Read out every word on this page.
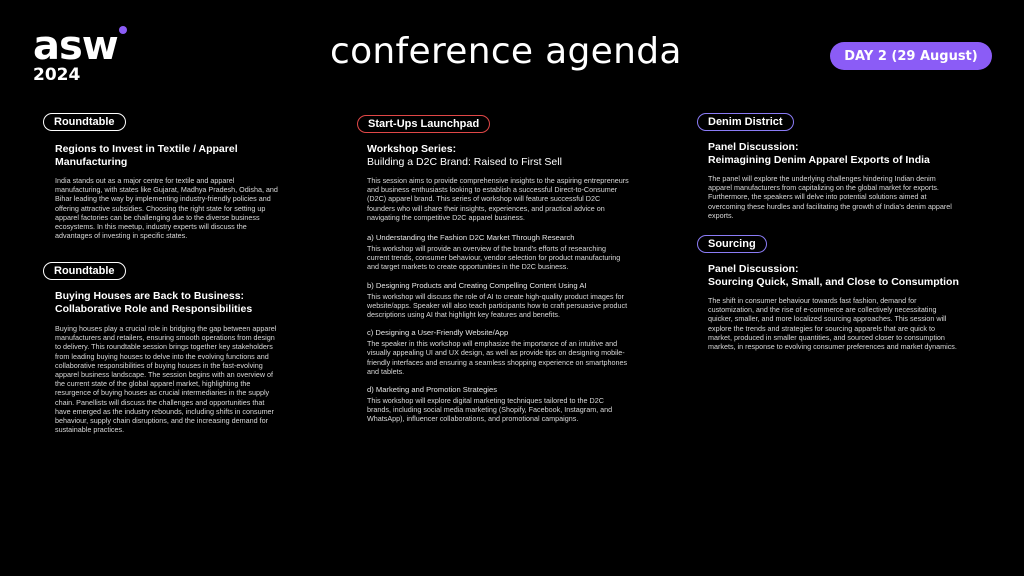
asw
2024
conference agenda	DAY 2 (29 August)
Roundtable

Regions to Invest in Textile / Apparel Manufacturing

India stands out as a major centre for textile and apparel manufacturing, with states like Gujarat, Madhya Pradesh, Odisha, and Bihar leading the way by implementing industry-friendly policies and offering attractive subsidies. Choosing the right state for setting up apparel factories can be challenging due to the diverse business ecosystems. In this meetup, industry experts will discuss the advantages of investing in specific states.

Roundtable

Buying Houses are Back to Business: Collaborative Role and Responsibilities

Buying houses play a crucial role in bridging the gap between apparel manufacturers and retailers, ensuring smooth operations from design to delivery. This roundtable session brings together key stakeholders from leading buying houses to delve into the evolving functions and collaborative responsibilities of buying houses in the fast-evolving apparel business landscape. The session begins with an overview of the current state of the global apparel market, highlighting the resurgence of buying houses as crucial intermediaries in the supply chain. Panellists will discuss the challenges and opportunities that have emerged as the industry rebounds, including shifts in consumer behaviour, supply chain disruptions, and the increasing demand for sustainable practices.

Start-Ups Launchpad

Workshop Series:

Building a D2C Brand: Raised to First Sell

This session aims to provide comprehensive insights to the aspiring entrepreneurs and business enthusiasts looking to establish a successful Direct-to-Consumer (D2C) apparel brand. This series of workshop will feature successful D2C founders who will share their insights, experiences, and practical advice on navigating the competitive D2C apparel business.

a) Understanding the Fashion D2C Market Through Research

This workshop will provide an overview of the brand's efforts of researching current trends, consumer behaviour, vendor selection for product manufacturing and target markets to create opportunities in the D2C business.

b) Designing Products and Creating Compelling Content Using AI

This workshop will discuss the role of AI to create high-quality product images for website/apps. Speaker will also teach participants how to craft persuasive product descriptions using AI that highlight key features and benefits.

c) Designing a User-Friendly Website/App

The speaker in this workshop will emphasize the importance of an intuitive and visually appealing UI and UX design, as well as provide tips on designing mobile-friendly interfaces and ensuring a seamless shopping experience on smartphones and tablets.

d) Marketing and Promotion Strategies

This workshop will explore digital marketing techniques tailored to the D2C brands, including social media marketing (Shopify, Facebook, Instagram, and WhatsApp), influencer collaborations, and promotional campaigns.

Denim District

Panel Discussion:

Reimagining Denim Apparel Exports of India

The panel will explore the underlying challenges hindering Indian denim apparel manufacturers from capitalizing on the global market for exports. Furthermore, the speakers will delve into potential solutions aimed at overcoming these hurdles and facilitating the growth of India's denim apparel exports.

Sourcing

Panel Discussion:

Sourcing Quick, Small, and Close to Consumption

The shift in consumer behaviour towards fast fashion, demand for customization, and the rise of e-commerce are collectively necessitating quicker, smaller, and more localized sourcing approaches. This session will explore the trends and strategies for sourcing apparels that are quick to market, produced in smaller quantities, and sourced closer to consumption markets, in response to evolving consumer preferences and market dynamics.
